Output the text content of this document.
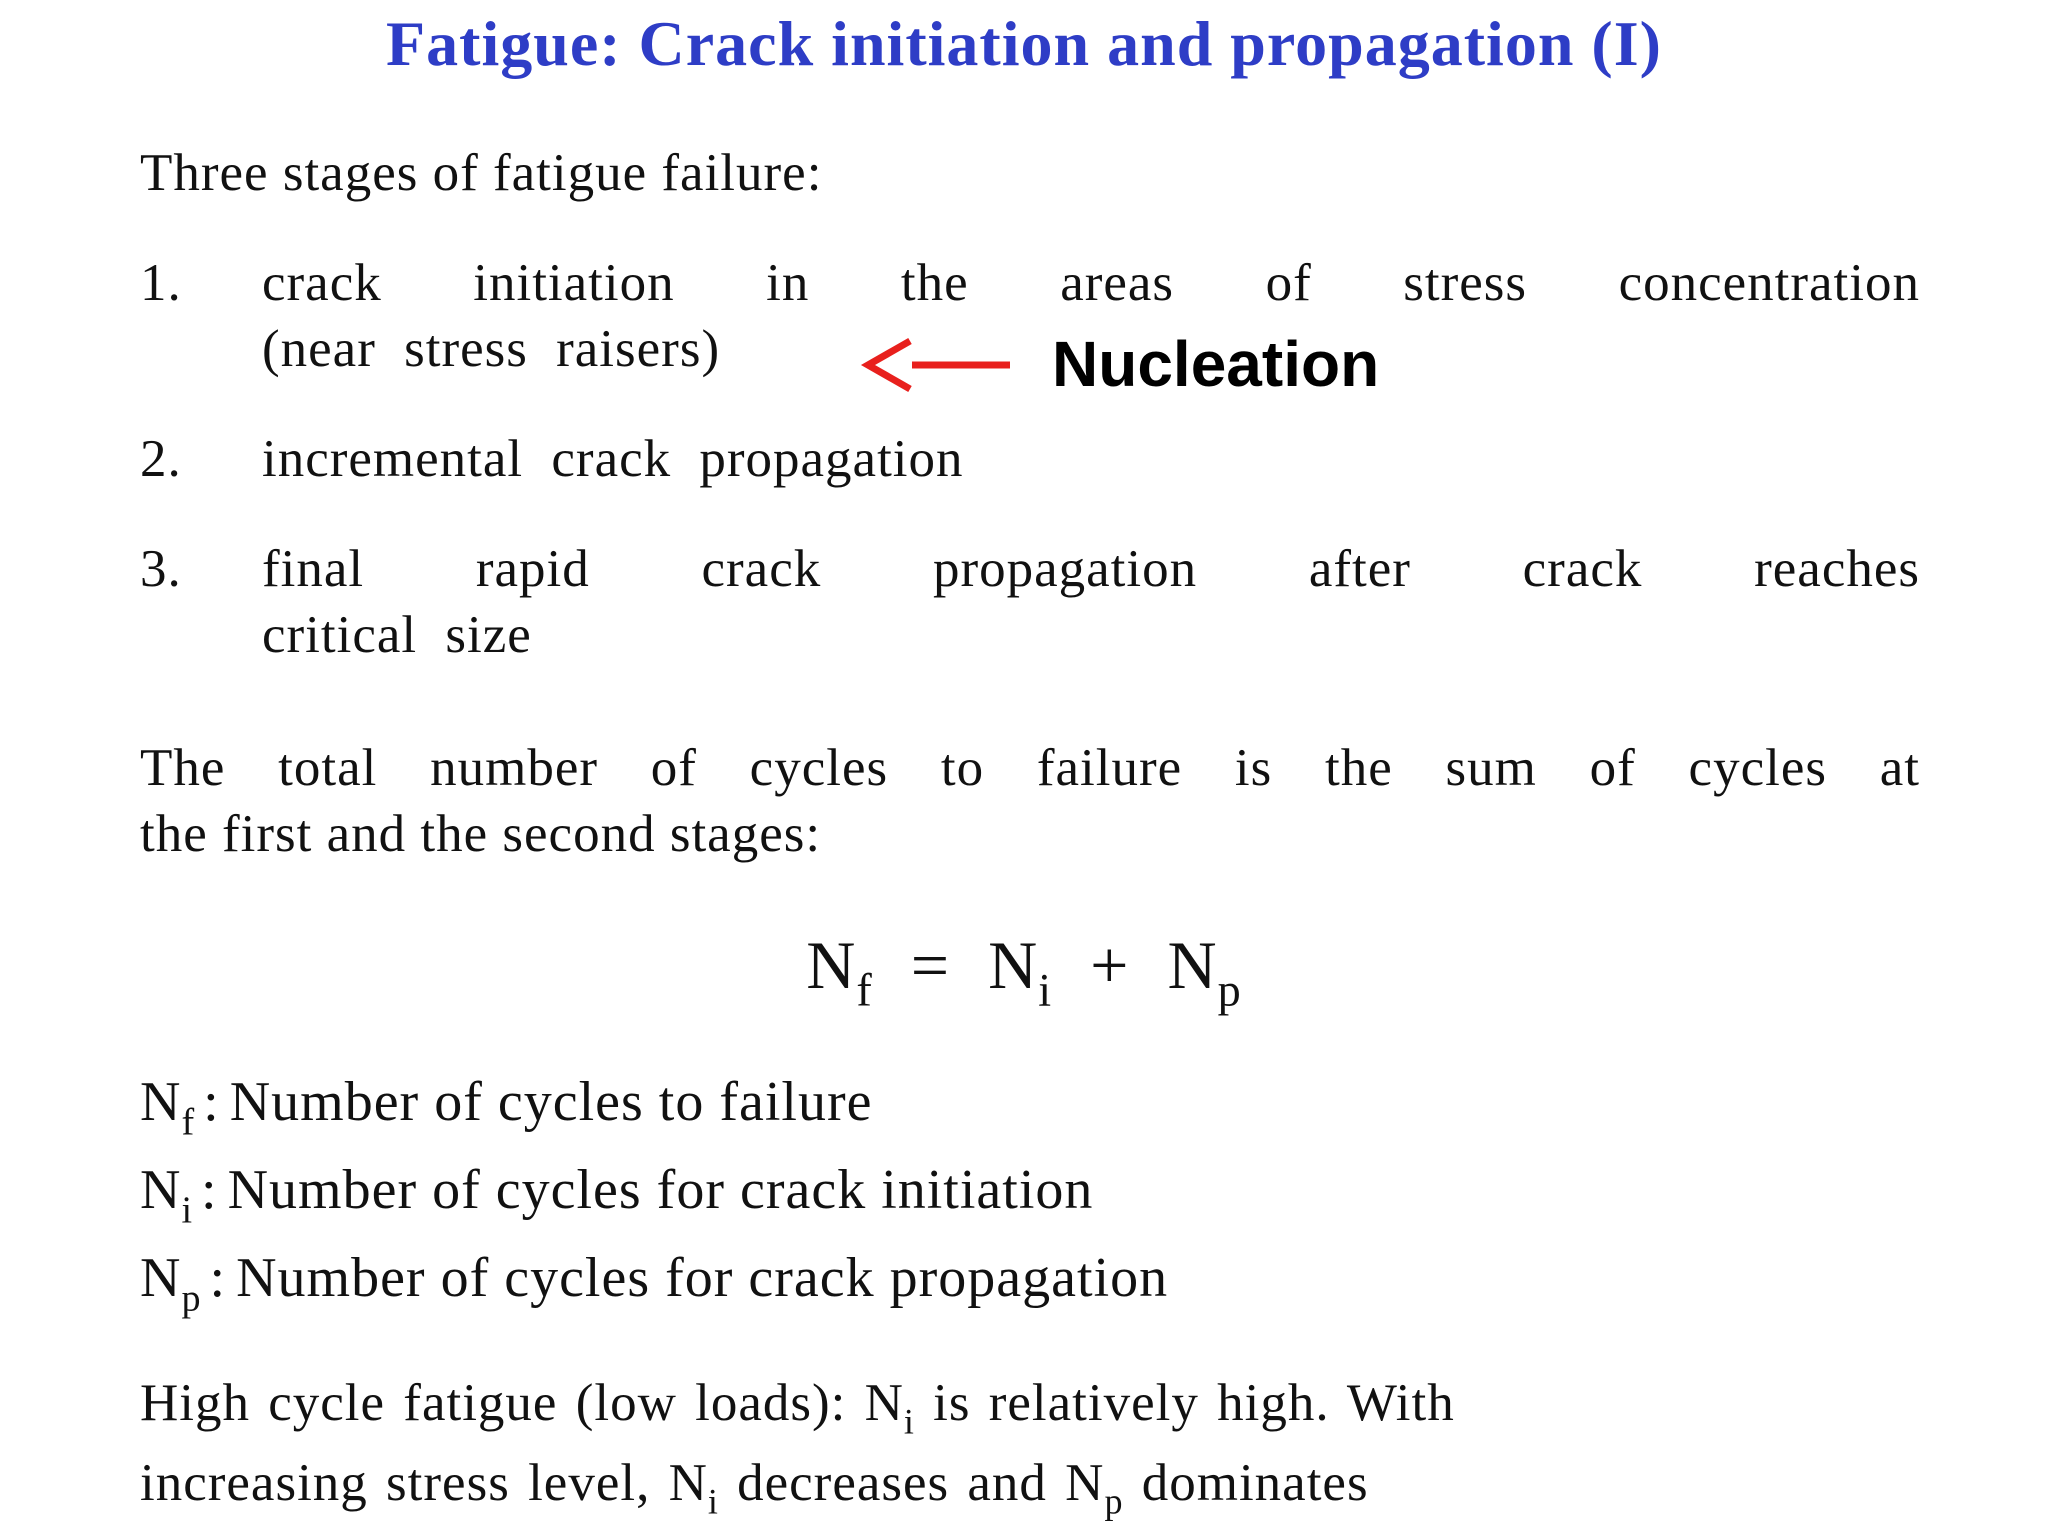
Fatigue: Crack initiation and propagation (I)
Three stages of fatigue failure:
1. crack initiation in the areas of stress concentration
(near stress raisers)
2. incremental crack propagation
3. final rapid crack propagation after crack reaches
critical size
Nucleation
The total number of cycles to failure is the sum of cycles at
the first and the second stages:
$N_f = N_i + N_p$
$N_f$ : Number of cycles to failure
$N_i$ : Number of cycles for crack initiation
$N_p$ : Number of cycles for crack propagation
High cycle fatigue (low loads): $N_i$ is relatively high. With
increasing stress level, $N_i$ decreases and $N_p$ dominates
